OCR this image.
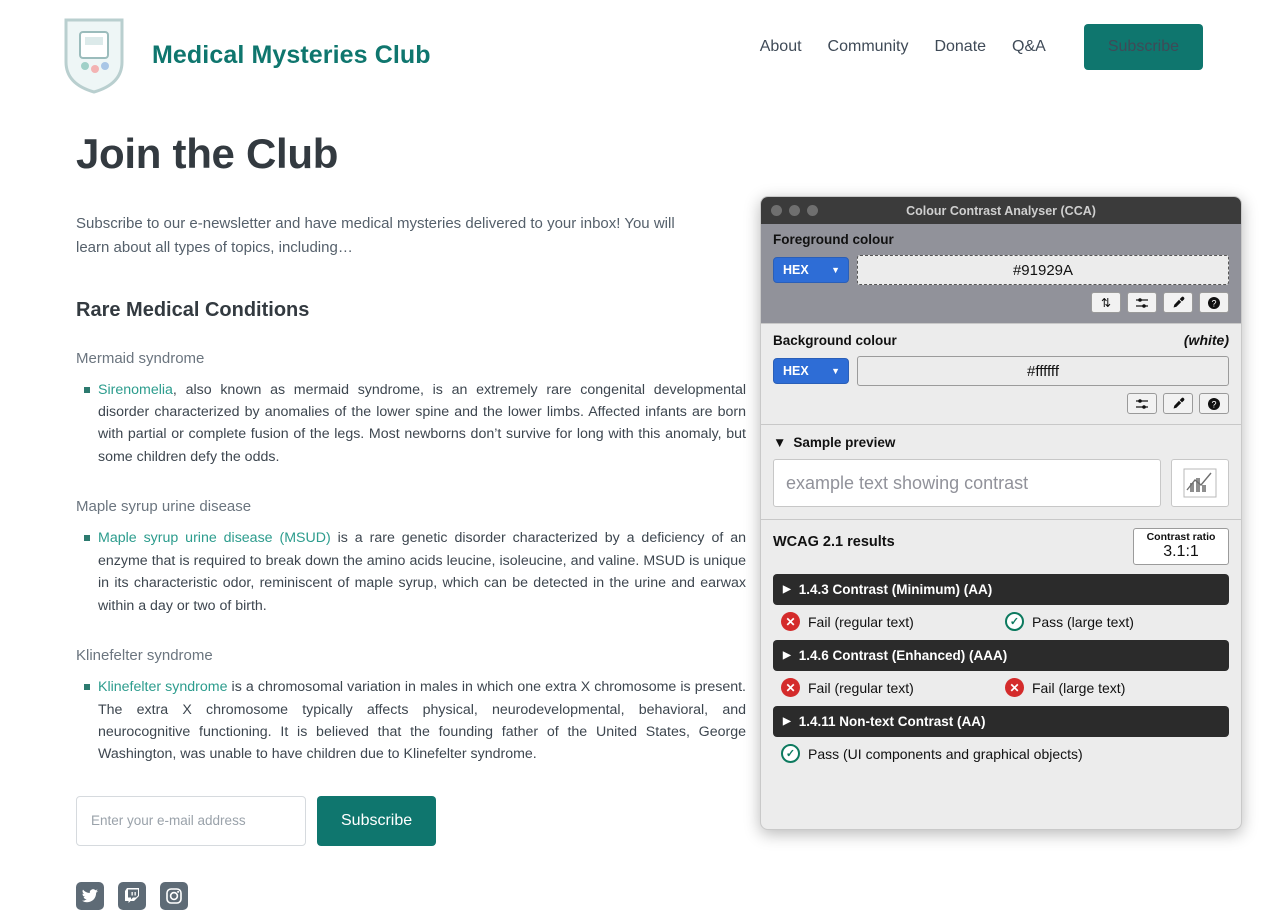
Medical Mysteries Club	About Community Donate Q&A	Subscribe
Join the Club

Subscribe to our e-newsletter and have medical mysteries delivered to your inbox! You will learn about all types of topics, including…

Rare Medical Conditions
Mermaid syndrome
Sirenomelia, also known as mermaid syndrome, is an extremely rare congenital developmental disorder characterized by anomalies of the lower spine and the lower limbs. Affected infants are born with partial or complete fusion of the legs. Most newborns don’t survive for long with this anomaly, but some children defy the odds.
Maple syrup urine disease
Maple syrup urine disease (MSUD) is a rare genetic disorder characterized by a deficiency of an enzyme that is required to break down the amino acids leucine, isoleucine, and valine. MSUD is unique in its characteristic odor, reminiscent of maple syrup, which can be detected in the urine and earwax within a day or two of birth.
Klinefelter syndrome
Klinefelter syndrome is a chromosomal variation in males in which one extra X chromosome is present. The extra X chromosome typically affects physical, neurodevelopmental, behavioral, and neurocognitive functioning. It is believed that the founding father of the United States, George Washington, was unable to have children due to Klinefelter syndrome.
Enter your e-mail address
Subscribe
Colour Contrast Analyser (CCA)
Foreground colour
HEX ▼	#91929A
⇅	?
Background colour	(white)
HEX ▼	#ffffff
?
▼ Sample preview
example text showing contrast
WCAG 2.1 results	Contrast ratio
3.1:1
▶ 1.4.3 Contrast (Minimum) (AA)
✕ Fail (regular text)	✓ Pass (large text)
▶ 1.4.6 Contrast (Enhanced) (AAA)
✕ Fail (regular text)	✕ Fail (large text)
▶ 1.4.11 Non-text Contrast (AA)
✓ Pass (UI components and graphical objects)
